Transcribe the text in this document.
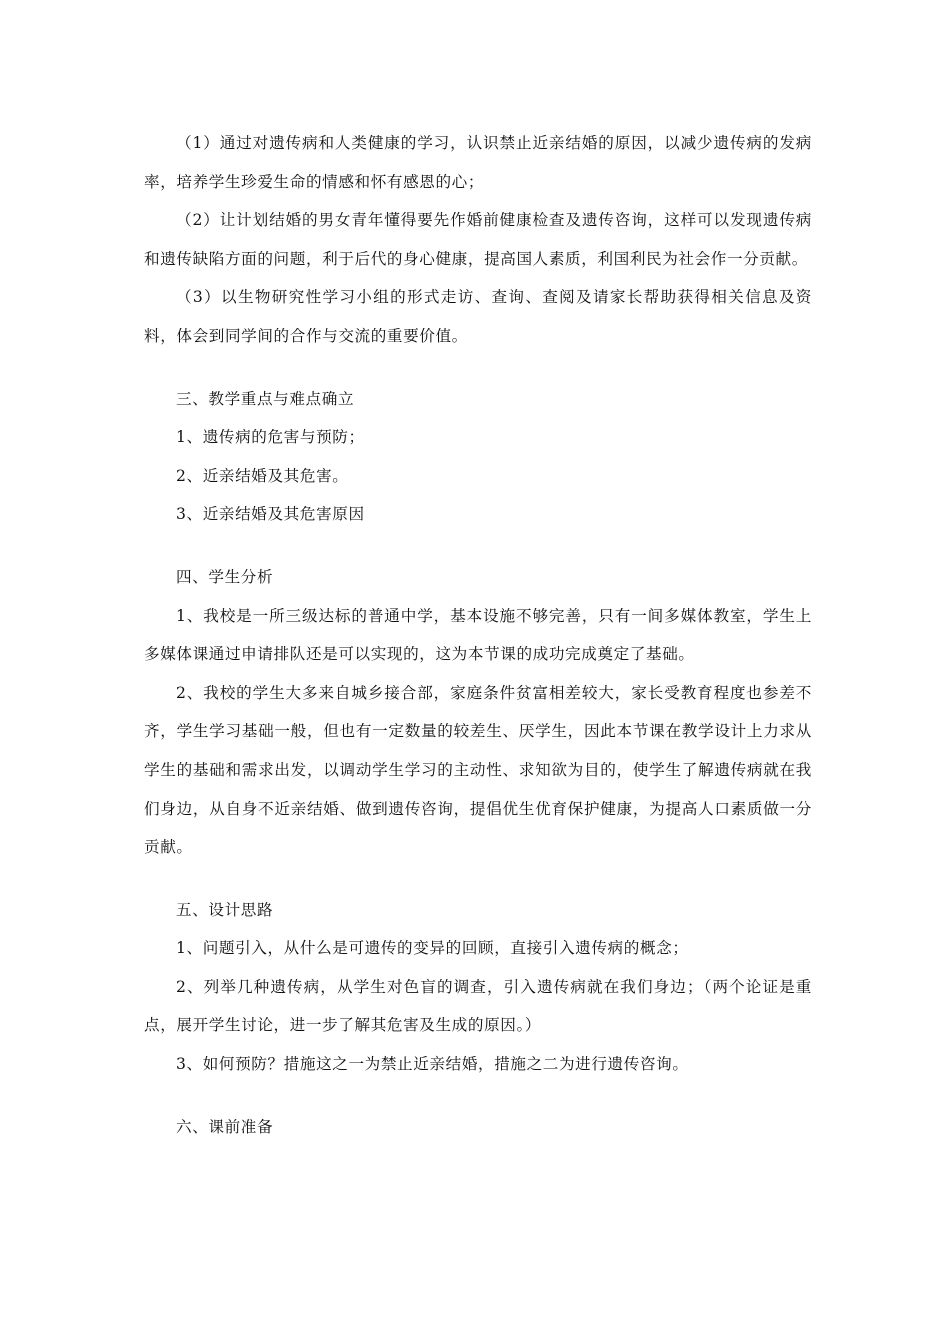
（1）通过对遗传病和人类健康的学习，认识禁止近亲结婚的原因，以减少遗传病的发病率，培养学生珍爱生命的情感和怀有感恩的心；

（2）让计划结婚的男女青年懂得要先作婚前健康检查及遗传咨询，这样可以发现遗传病和遗传缺陷方面的问题，利于后代的身心健康，提高国人素质，利国利民为社会作一分贡献。

（3）以生物研究性学习小组的形式走访、查询、查阅及请家长帮助获得相关信息及资料，体会到同学间的合作与交流的重要价值。

三、教学重点与难点确立

1、遗传病的危害与预防；

2、近亲结婚及其危害。

3、近亲结婚及其危害原因

四、学生分析

1、我校是一所三级达标的普通中学，基本设施不够完善，只有一间多媒体教室，学生上多媒体课通过申请排队还是可以实现的，这为本节课的成功完成奠定了基础。

2、我校的学生大多来自城乡接合部，家庭条件贫富相差较大，家长受教育程度也参差不齐，学生学习基础一般，但也有一定数量的较差生、厌学生，因此本节课在教学设计上力求从学生的基础和需求出发，以调动学生学习的主动性、求知欲为目的，使学生了解遗传病就在我们身边，从自身不近亲结婚、做到遗传咨询，提倡优生优育保护健康，为提高人口素质做一分贡献。

五、设计思路

1、问题引入，从什么是可遗传的变异的回顾，直接引入遗传病的概念；

2、列举几种遗传病，从学生对色盲的调查，引入遗传病就在我们身边；（两个论证是重点，展开学生讨论，进一步了解其危害及生成的原因。）

3、如何预防？措施这之一为禁止近亲结婚，措施之二为进行遗传咨询。

六、课前准备
